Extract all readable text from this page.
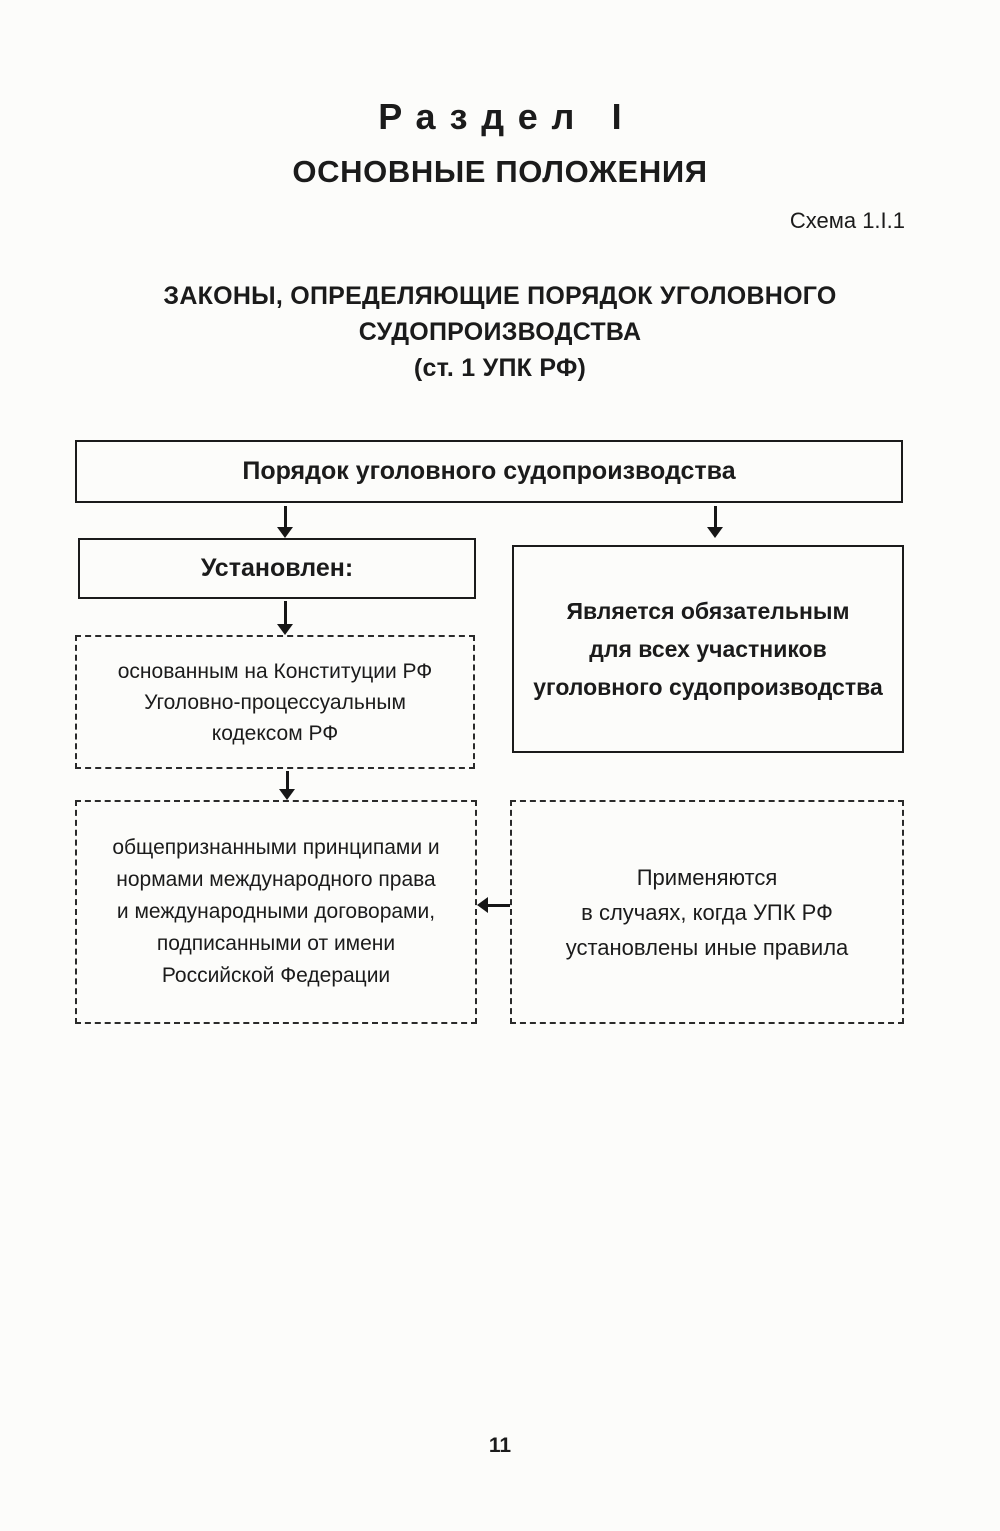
Раздел I
ОСНОВНЫЕ ПОЛОЖЕНИЯ
Схема 1.I.1
ЗАКОНЫ, ОПРЕДЕЛЯЮЩИЕ ПОРЯДОК УГОЛОВНОГО
СУДОПРОИЗВОДСТВА
(ст. 1 УПК РФ)
Порядок уголовного судопроизводства
Установлен:
Является обязательным
для всех участников
уголовного судопроизводства
основанным на Конституции РФ
Уголовно-процессуальным
кодексом РФ
общепризнанными принципами и
нормами международного права
и международными договорами,
подписанными от имени
Российской Федерации
Применяются
в случаях, когда УПК РФ
установлены иные правила
11
